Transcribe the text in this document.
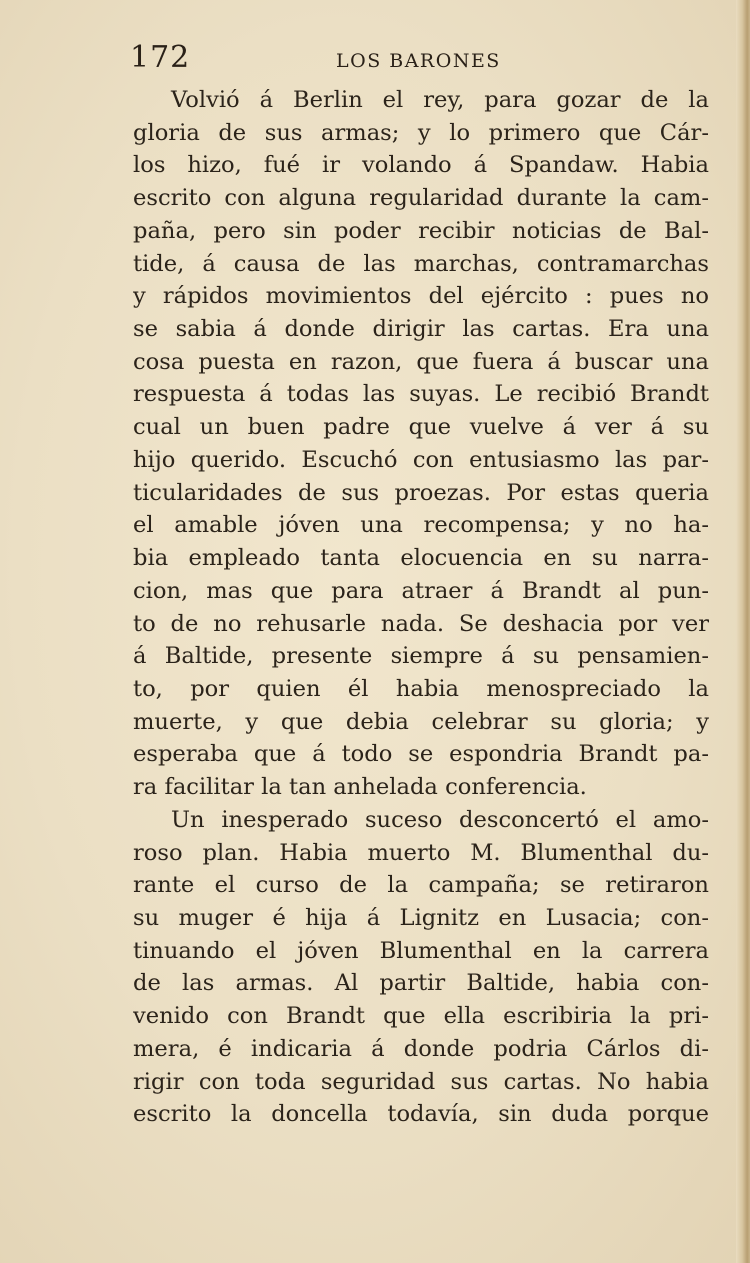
172	LOS BARONES
Volvió á Berlin el rey, para gozar de la
gloria de sus armas; y lo primero que Cár-
los hizo, fué ir volando á Spandaw. Habia
escrito con alguna regularidad durante la cam-
paña, pero sin poder recibir noticias de Bal-
tide, á causa de las marchas, contramarchas
y rápidos movimientos del ejército : pues no
se sabia á donde dirigir las cartas. Era una
cosa puesta en razon, que fuera á buscar una
respuesta á todas las suyas. Le recibió Brandt
cual un buen padre que vuelve á ver á su
hijo querido. Escuchó con entusiasmo las par-
ticularidades de sus proezas. Por estas queria
el amable jóven una recompensa; y no ha-
bia empleado tanta elocuencia en su narra-
cion, mas que para atraer á Brandt al pun-
to de no rehusarle nada. Se deshacia por ver
á Baltide, presente siempre á su pensamien-
to, por quien él habia menospreciado la
muerte, y que debia celebrar su gloria; y
esperaba que á todo se espondria Brandt pa-
ra facilitar la tan anhelada conferencia.
Un inesperado suceso desconcertó el amo-
roso plan. Habia muerto M. Blumenthal du-
rante el curso de la campaña; se retiraron
su muger é hija á Lignitz en Lusacia; con-
tinuando el jóven Blumenthal en la carrera
de las armas. Al partir Baltide, habia con-
venido con Brandt que ella escribiria la pri-
mera, é indicaria á donde podria Cárlos di-
rigir con toda seguridad sus cartas. No habia
escrito la doncella todavía, sin duda porque
